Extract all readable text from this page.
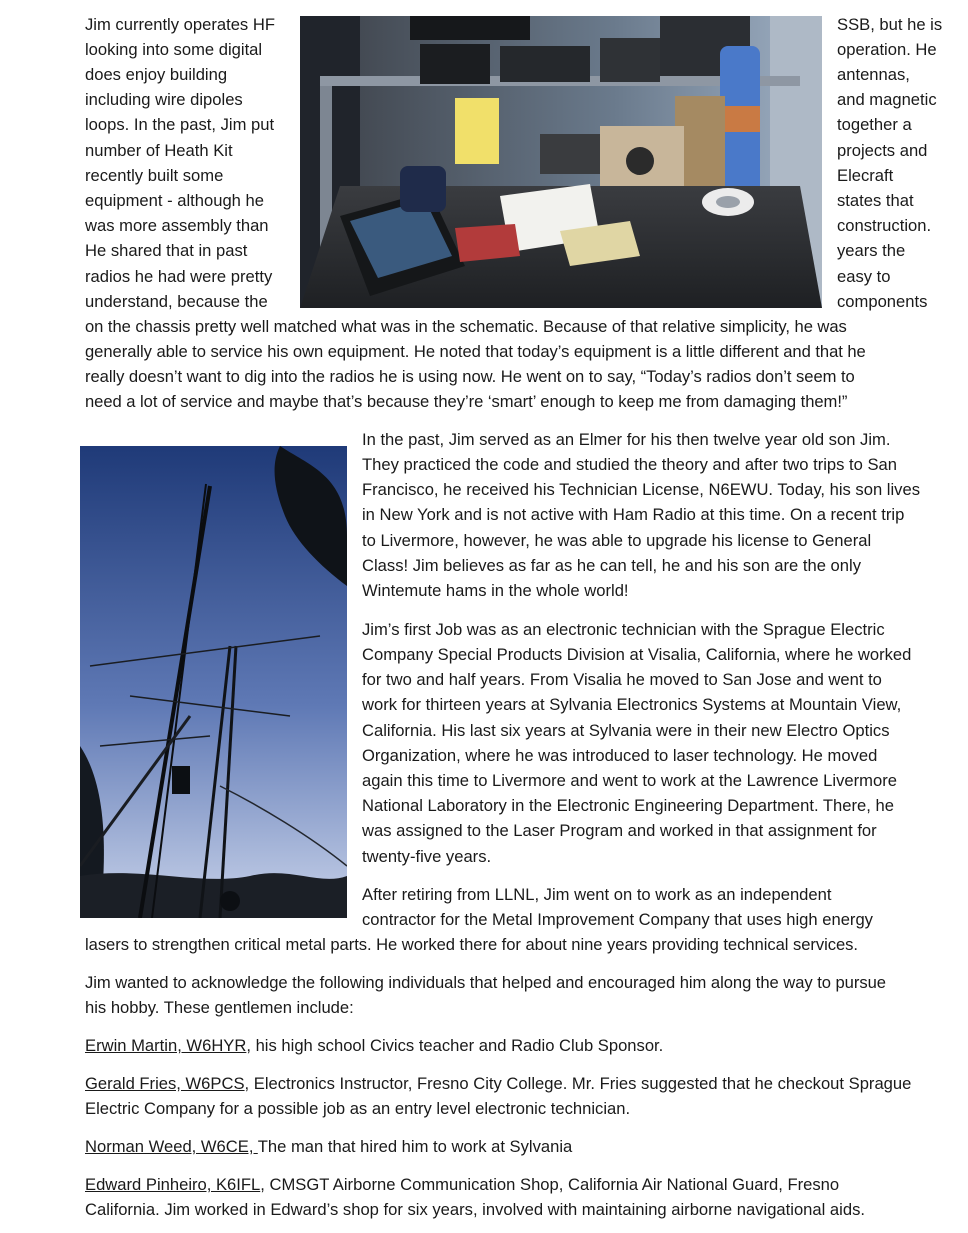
Jim currently operates HF
looking into some digital
does enjoy building
including wire dipoles
loops. In the past, Jim put
number of Heath Kit
recently built some
equipment - although he
was more assembly than
He shared that in past
radios he had were pretty
understand, because the
SSB, but he is
operation. He
antennas,
and magnetic
together a
projects and
Elecraft
states that
construction.
years the
easy to
components
on the chassis pretty well matched what was in the schematic. Because of that relative simplicity, he was
generally able to service his own equipment. He noted that today’s equipment is a little different and that he
really doesn’t want to dig into the radios he is using now. He went on to say, “Today’s radios don’t seem to
need a lot of service and maybe that’s because they’re ‘smart’ enough to keep me from damaging them!”
In the past, Jim served as an Elmer for his then twelve year old son Jim.
They practiced the code and studied the theory and after two trips to San
Francisco, he received his Technician License, N6EWU. Today, his son lives
in New York and is not active with Ham Radio at this time. On a recent trip
to Livermore, however, he was able to upgrade his license to General
Class! Jim believes as far as he can tell, he and his son are the only
Wintemute hams in the whole world!
Jim’s first Job was as an electronic technician with the Sprague Electric
Company Special Products Division at Visalia, California, where he worked
for two and half years. From Visalia he moved to San Jose and went to
work for thirteen years at Sylvania Electronics Systems at Mountain View,
California. His last six years at Sylvania were in their new Electro Optics
Organization, where he was introduced to laser technology. He moved
again this time to Livermore and went to work at the Lawrence Livermore
National Laboratory in the Electronic Engineering Department. There, he
was assigned to the Laser Program and worked in that assignment for
twenty-five years.
After retiring from LLNL, Jim went on to work as an independent
contractor for the Metal Improvement Company that uses high energy
lasers to strengthen critical metal parts. He worked there for about nine years providing technical services.
Jim wanted to acknowledge the following individuals that helped and encouraged him along the way to pursue
his hobby. These gentlemen include:
Erwin Martin, W6HYR, his high school Civics teacher and Radio Club Sponsor.
Gerald Fries, W6PCS, Electronics Instructor, Fresno City College. Mr. Fries suggested that he checkout Sprague
Electric Company for a possible job as an entry level electronic technician.
Norman Weed, W6CE, The man that hired him to work at Sylvania
Edward Pinheiro, K6IFL, CMSGT Airborne Communication Shop, California Air National Guard, Fresno
California. Jim worked in Edward’s shop for six years, involved with maintaining airborne navigational aids.
